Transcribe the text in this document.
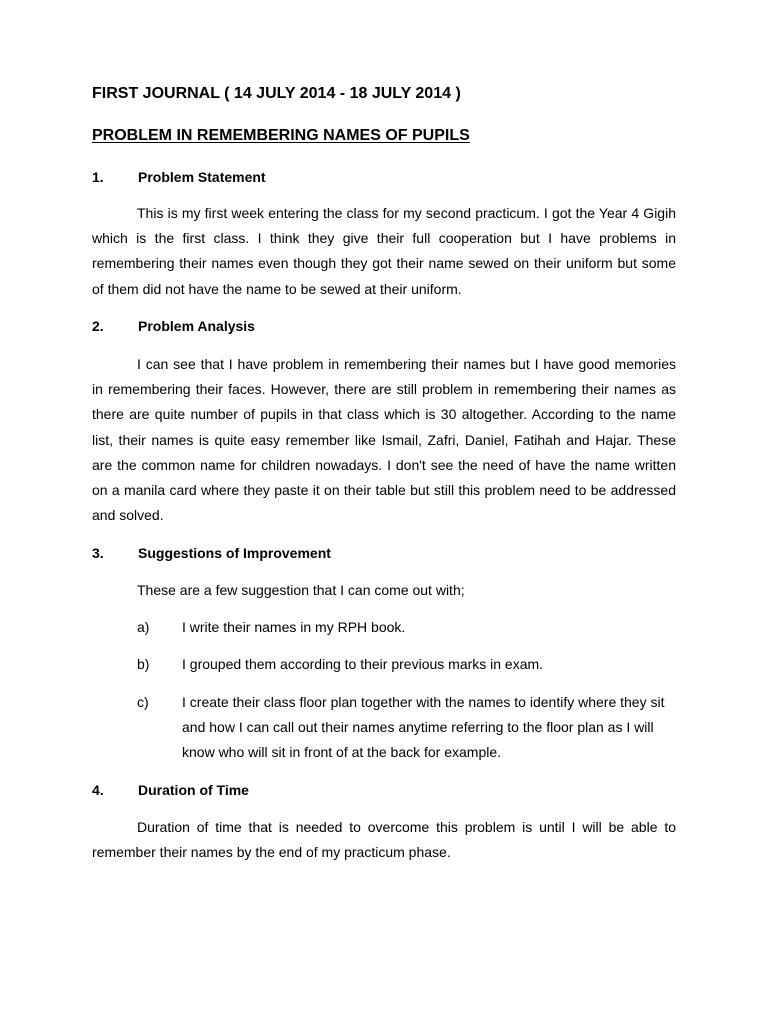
FIRST JOURNAL ( 14 JULY 2014 - 18 JULY 2014 )
PROBLEM IN REMEMBERING NAMES OF PUPILS
1. Problem Statement

This is my first week entering the class for my second practicum. I got the Year 4 Gigih which is the first class. I think they give their full cooperation but I have problems in remembering their names even though they got their name sewed on their uniform but some of them did not have the name to be sewed at their uniform.

2. Problem Analysis

I can see that I have problem in remembering their names but I have good memories in remembering their faces. However, there are still problem in remembering their names as there are quite number of pupils in that class which is 30 altogether. According to the name list, their names is quite easy remember like Ismail, Zafri, Daniel, Fatihah and Hajar. These are the common name for children nowadays. I don't see the need of have the name written on a manila card where they paste it on their table but still this problem need to be addressed and solved.

3. Suggestions of Improvement

These are a few suggestion that I can come out with;

a) I write their names in my RPH book.
b) I grouped them according to their previous marks in exam.
c) I create their class floor plan together with the names to identify where they sit and how I can call out their names anytime referring to the floor plan as I will know who will sit in front of at the back for example.
4. Duration of Time

Duration of time that is needed to overcome this problem is until I will be able to remember their names by the end of my practicum phase.
